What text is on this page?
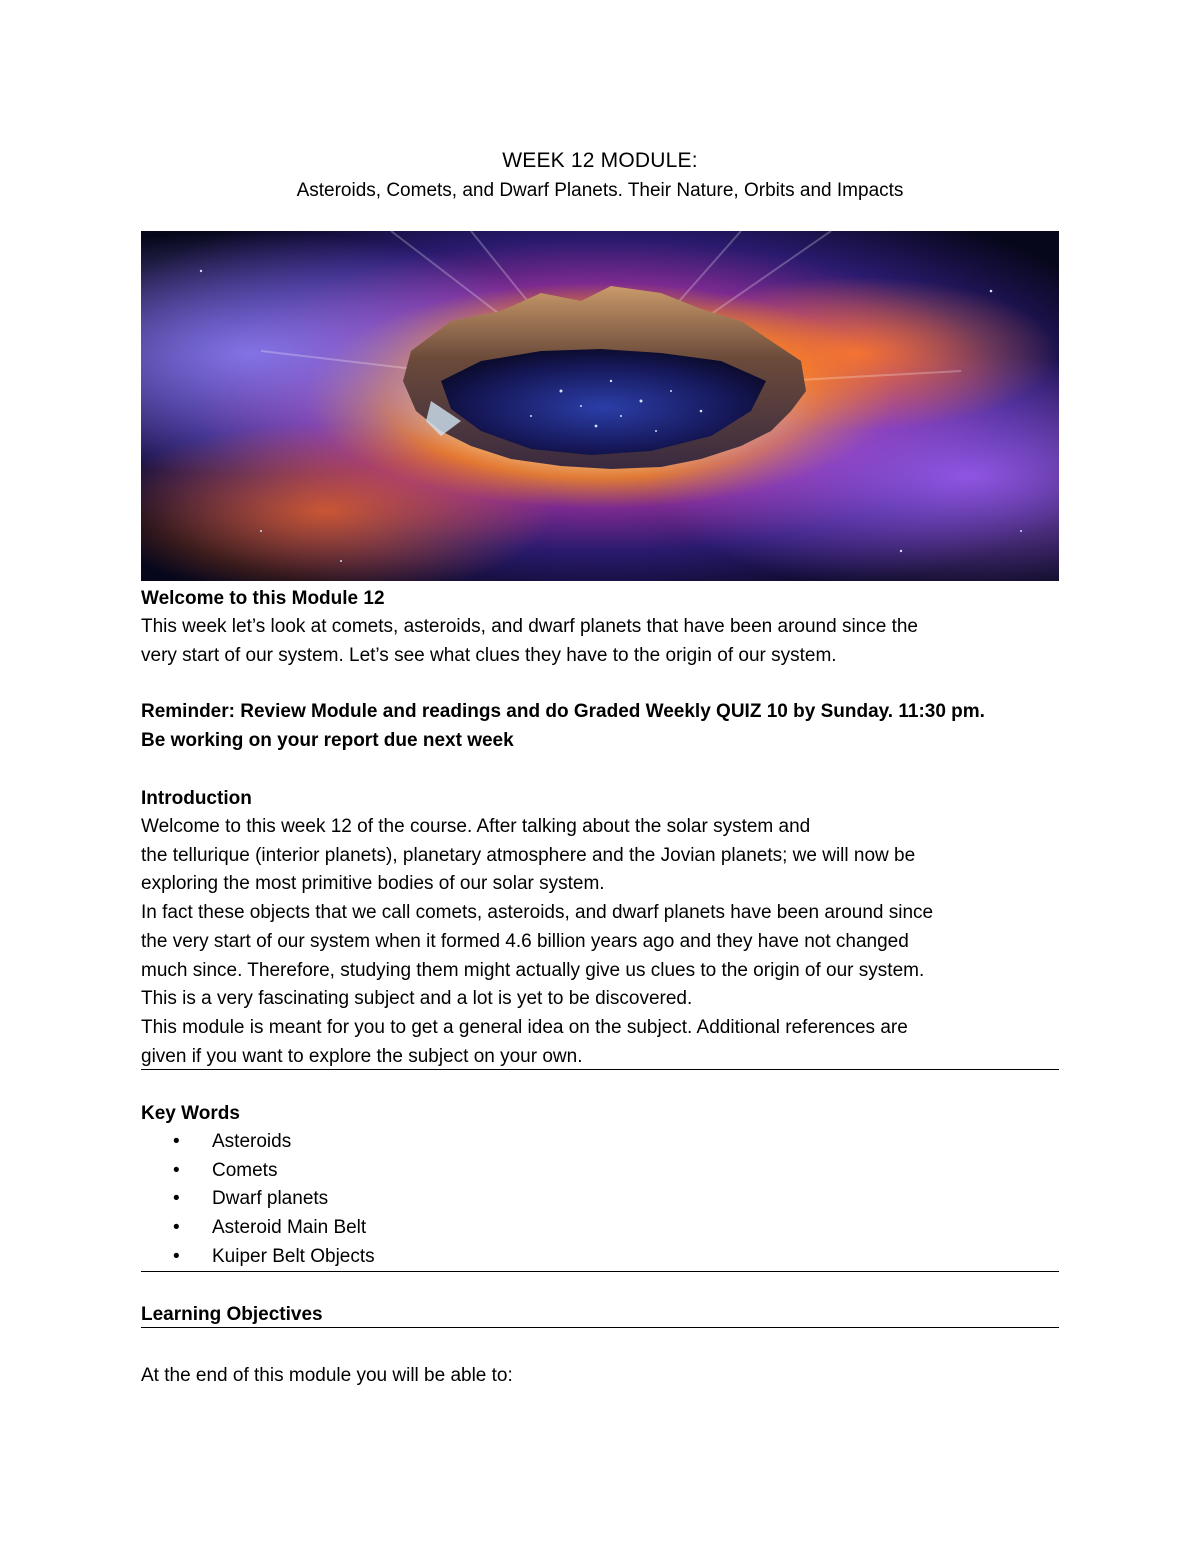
WEEK 12 MODULE:
Asteroids, Comets, and Dwarf Planets. Their Nature, Orbits and Impacts
Welcome to this Module 12
This week let’s look at comets, asteroids, and dwarf planets that have been around since the
very start of our system. Let’s see what clues they have to the origin of our system.
Reminder: Review Module and readings and do Graded Weekly QUIZ 10 by Sunday. 11:30 pm.
Be working on your report due next week
Introduction
Welcome to this week 12 of the course. After talking about the solar system and
the tellurique (interior planets), planetary atmosphere and the Jovian planets; we will now be
exploring the most primitive bodies of our solar system.
In fact these objects that we call comets, asteroids, and dwarf planets have been around since
the very start of our system when it formed 4.6 billion years ago and they have not changed
much since. Therefore, studying them might actually give us clues to the origin of our system.
This is a very fascinating subject and a lot is yet to be discovered.
This module is meant for you to get a general idea on the subject. Additional references are
given if you want to explore the subject on your own.
Key Words
• Asteroids
• Comets
• Dwarf planets
• Asteroid Main Belt
• Kuiper Belt Objects
Learning Objectives
At the end of this module you will be able to:
